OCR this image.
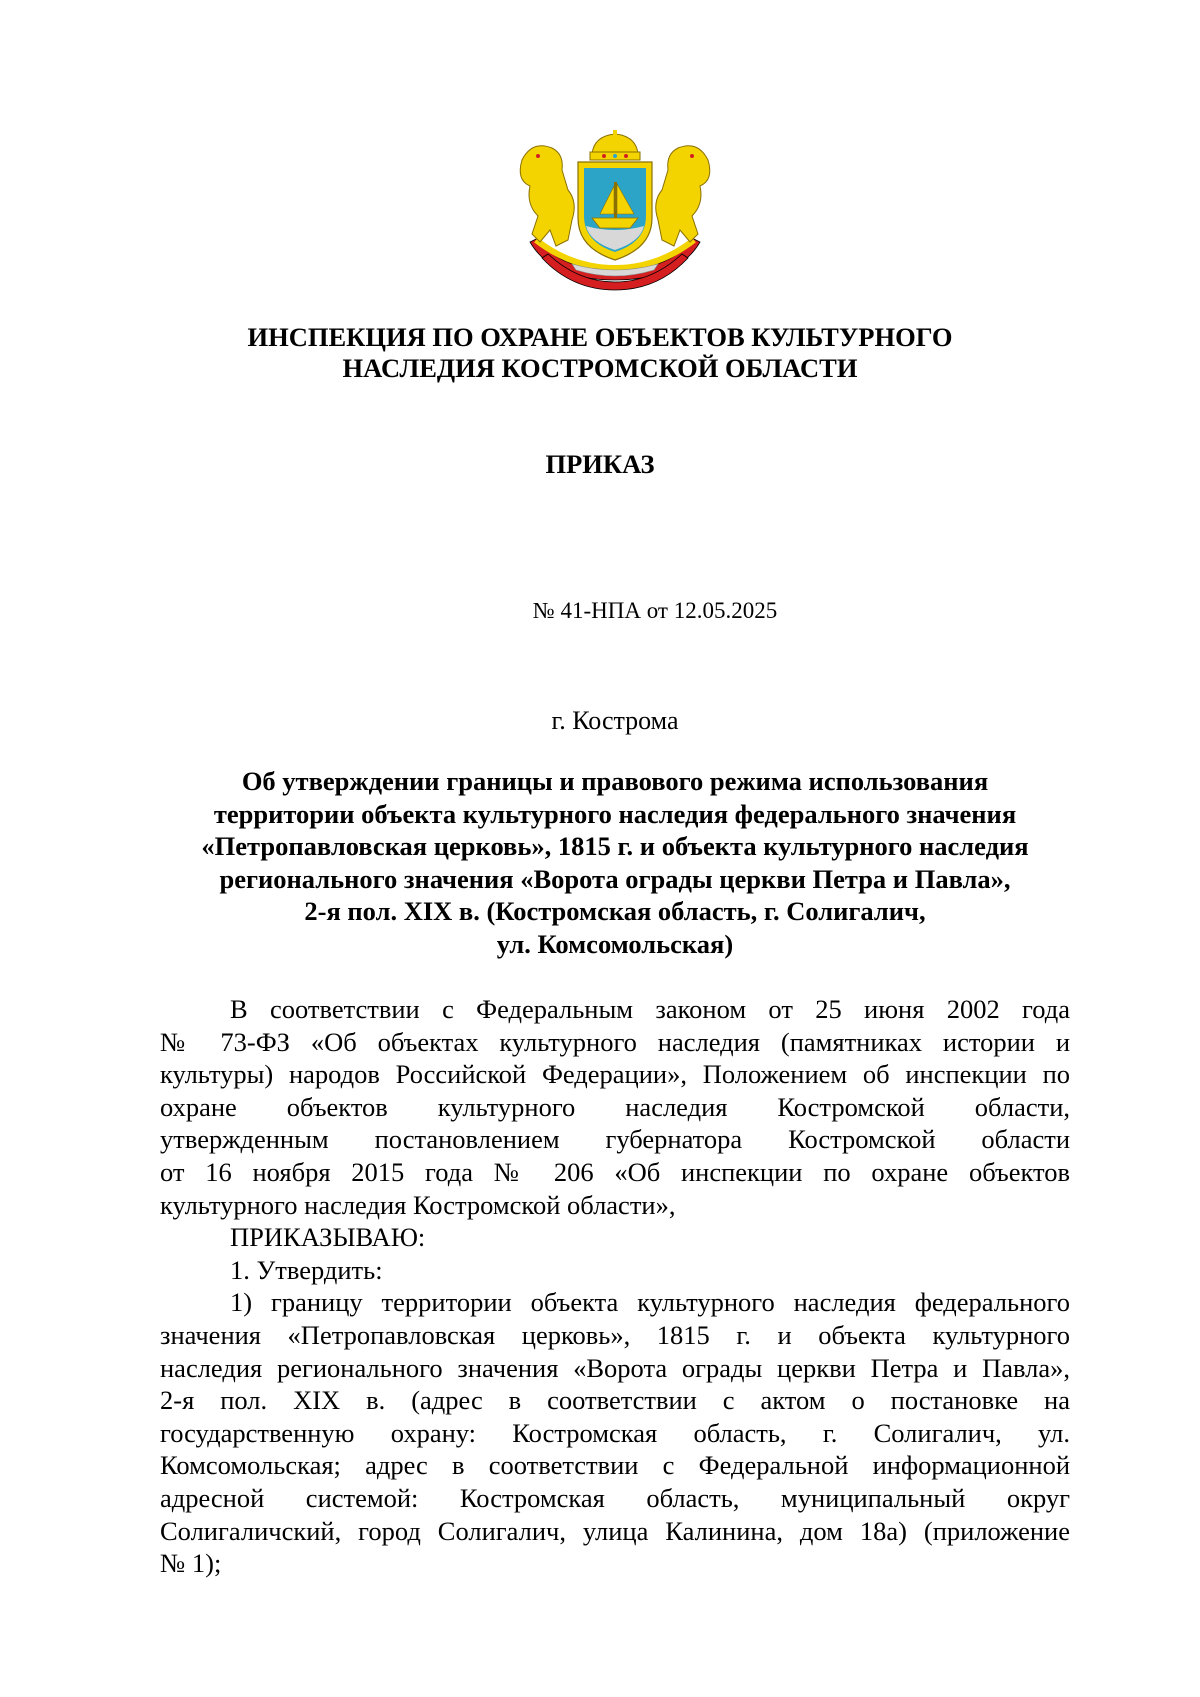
ИНСПЕКЦИЯ ПО ОХРАНЕ ОБЪЕКТОВ КУЛЬТУРНОГО
НАСЛЕДИЯ КОСТРОМСКОЙ ОБЛАСТИ
ПРИКАЗ
№ 41-НПА от 12.05.2025
г. Кострома
Об утверждении границы и правового режима использования
территории объекта культурного наследия федерального значения
«Петропавловская церковь», 1815 г. и объекта культурного наследия
регионального значения «Ворота ограды церкви Петра и Павла»,
2-я пол. XIX в. (Костромская область, г. Солигалич,
ул. Комсомольская)
В соответствии с Федеральным законом от 25 июня 2002 года
№ 73-ФЗ «Об объектах культурного наследия (памятниках истории и
культуры) народов Российской Федерации», Положением об инспекции по
охране объектов культурного наследия Костромской области,
утвержденным постановлением губернатора Костромской области
от 16 ноября 2015 года № 206 «Об инспекции по охране объектов
культурного наследия Костромской области»,
ПРИКАЗЫВАЮ:
1. Утвердить:
1) границу территории объекта культурного наследия федерального
значения «Петропавловская церковь», 1815 г. и объекта культурного
наследия регионального значения «Ворота ограды церкви Петра и Павла»,
2-я пол. XIX в. (адрес в соответствии с актом о постановке на
государственную охрану: Костромская область, г. Солигалич, ул.
Комсомольская; адрес в соответствии с Федеральной информационной
адресной системой: Костромская область, муниципальный округ
Солигаличский, город Солигалич, улица Калинина, дом 18а) (приложение
№ 1);
